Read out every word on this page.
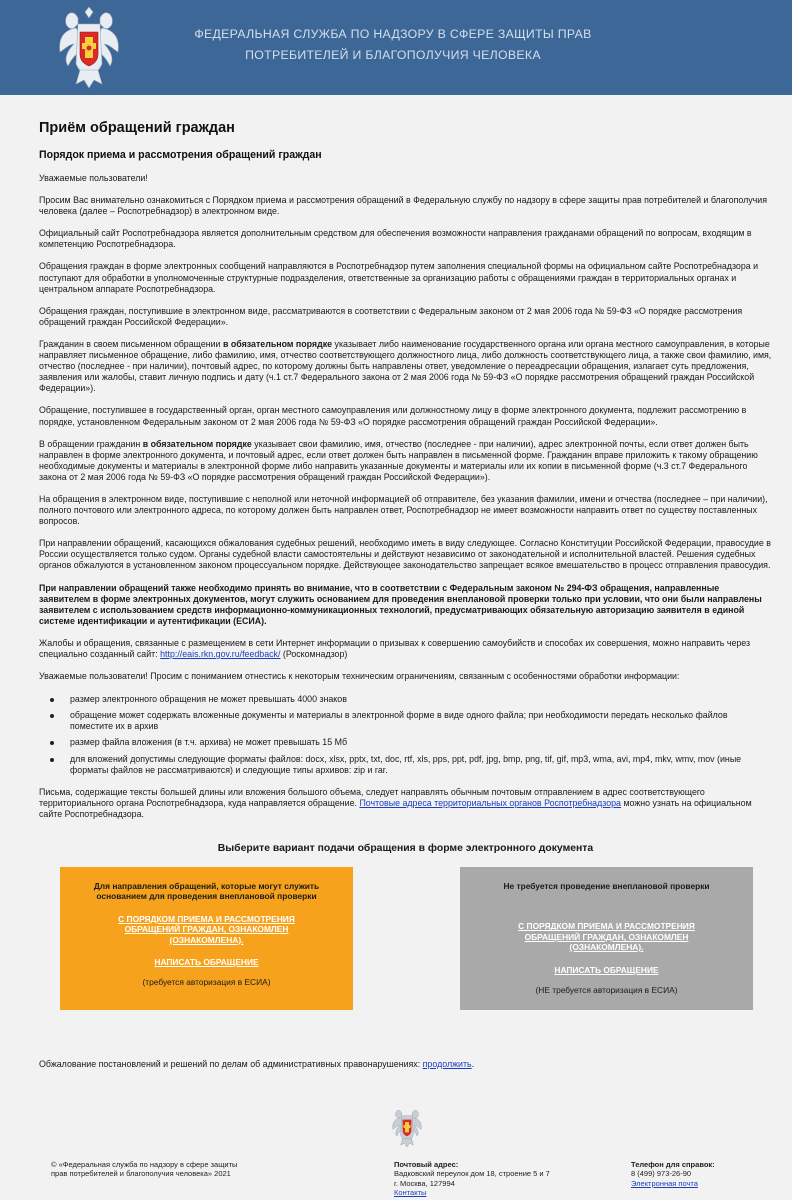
ФЕДЕРАЛЬНАЯ СЛУЖБА ПО НАДЗОРУ В СФЕРЕ ЗАЩИТЫ ПРАВ
ПОТРЕБИТЕЛЕЙ И БЛАГОПОЛУЧИЯ ЧЕЛОВЕКА
Приём обращений граждан
Порядок приема и рассмотрения обращений граждан

Уважаемые пользователи!

Просим Вас внимательно ознакомиться с Порядком приема и рассмотрения обращений в Федеральную службу по надзору в сфере защиты прав потребителей и благополучия человека (далее – Роспотребнадзор) в электронном виде.

Официальный сайт Роспотребнадзора является дополнительным средством для обеспечения возможности направления гражданами обращений по вопросам, входящим в компетенцию Роспотребнадзора.

Обращения граждан в форме электронных сообщений направляются в Роспотребнадзор путем заполнения специальной формы на официальном сайте Роспотребнадзора и поступают для обработки в уполномоченные структурные подразделения, ответственные за организацию работы с обращениями граждан в территориальных органах и центральном аппарате Роспотребнадзора.

Обращения граждан, поступившие в электронном виде, рассматриваются в соответствии с Федеральным законом от 2 мая 2006 года № 59-ФЗ «О порядке рассмотрения обращений граждан Российской Федерации».

Гражданин в своем письменном обращении в обязательном порядке указывает либо наименование государственного органа или органа местного самоуправления, в которые направляет письменное обращение, либо фамилию, имя, отчество соответствующего должностного лица, либо должность соответствующего лица, а также свои фамилию, имя, отчество (последнее - при наличии), почтовый адрес, по которому должны быть направлены ответ, уведомление о переадресации обращения, излагает суть предложения, заявления или жалобы, ставит личную подпись и дату (ч.1 ст.7 Федерального закона от 2 мая 2006 года № 59-ФЗ «О порядке рассмотрения обращений граждан Российской Федерации»).

Обращение, поступившее в государственный орган, орган местного самоуправления или должностному лицу в форме электронного документа, подлежит рассмотрению в порядке, установленном Федеральным законом от 2 мая 2006 года № 59-ФЗ «О порядке рассмотрения обращений граждан Российской Федерации».

В обращении гражданин в обязательном порядке указывает свои фамилию, имя, отчество (последнее - при наличии), адрес электронной почты, если ответ должен быть направлен в форме электронного документа, и почтовый адрес, если ответ должен быть направлен в письменной форме. Гражданин вправе приложить к такому обращению необходимые документы и материалы в электронной форме либо направить указанные документы и материалы или их копии в письменной форме (ч.3 ст.7 Федерального закона от 2 мая 2006 года № 59-ФЗ «О порядке рассмотрения обращений граждан Российской Федерации»).

На обращения в электронном виде, поступившие с неполной или неточной информацией об отправителе, без указания фамилии, имени и отчества (последнее – при наличии), полного почтового или электронного адреса, по которому должен быть направлен ответ, Роспотребнадзор не имеет возможности направить ответ по существу поставленных вопросов.

При направлении обращений, касающихся обжалования судебных решений, необходимо иметь в виду следующее. Согласно Конституции Российской Федерации, правосудие в России осуществляется только судом. Органы судебной власти самостоятельны и действуют независимо от законодательной и исполнительной властей. Решения судебных органов обжалуются в установленном законом процессуальном порядке. Действующее законодательство запрещает всякое вмешательство в процесс отправления правосудия.

При направлении обращений также необходимо принять во внимание, что в соответствии с Федеральным законом № 294-ФЗ обращения, направленные заявителем в форме электронных документов, могут служить основанием для проведения внеплановой проверки только при условии, что они были направлены заявителем с использованием средств информационно-коммуникационных технологий, предусматривающих обязательную авторизацию заявителя в единой системе идентификации и аутентификации (ЕСИА).

Жалобы и обращения, связанные с размещением в сети Интернет информации о призывах к совершению самоубийств и способах их совершения, можно направить через специально созданный сайт: http://eais.rkn.gov.ru/feedback/ (Роскомнадзор)

Уважаемые пользователи! Просим с пониманием отнестись к некоторым техническим ограничениям, связанным с особенностями обработки информации:

размер электронного обращения не может превышать 4000 знаков
обращение может содержать вложенные документы и материалы в электронной форме в виде одного файла; при необходимости передать несколько файлов поместите их в архив
размер файла вложения (в т.ч. архива) не может превышать 15 Мб
для вложений допустимы следующие форматы файлов: docx, xlsx, pptx, txt, doc, rtf, xls, pps, ppt, pdf, jpg, bmp, png, tif, gif, mp3, wma, avi, mp4, mkv, wmv, mov (иные форматы файлов не рассматриваются) и следующие типы архивов: zip и rar.

Письма, содержащие тексты большей длины или вложения большого объема, следует направлять обычным почтовым отправлением в адрес соответствующего территориального органа Роспотребнадзора, куда направляется обращение. Почтовые адреса территориальных органов Роспотребнадзора можно узнать на официальном сайте Роспотребнадзора.

Выберите вариант подачи обращения в форме электронного документа
Для направления обращений, которые могут служить основанием для проведения внеплановой проверки
С ПОРЯДКОМ ПРИЕМА И РАССМОТРЕНИЯ ОБРАЩЕНИЙ ГРАЖДАН, ОЗНАКОМЛЕН (ОЗНАКОМЛЕНА).
НАПИСАТЬ ОБРАЩЕНИЕ
(требуется авторизация в ЕСИА)
Не требуется проведение внеплановой проверки
С ПОРЯДКОМ ПРИЕМА И РАССМОТРЕНИЯ ОБРАЩЕНИЙ ГРАЖДАН, ОЗНАКОМЛЕН (ОЗНАКОМЛЕНА).
НАПИСАТЬ ОБРАЩЕНИЕ
(НЕ требуется авторизация в ЕСИА)
Обжалование постановлений и решений по делам об административных правонарушениях: продолжить.
© «Федеральная служба по надзору в сфере защиты прав потребителей и благополучия человека» 2021
Почтовый адрес:
Вадковский переулок дом 18, строение 5 и 7
г. Москва, 127994
Контакты
Телефон для справок:
8 (499) 973-26-90
Электронная почта
